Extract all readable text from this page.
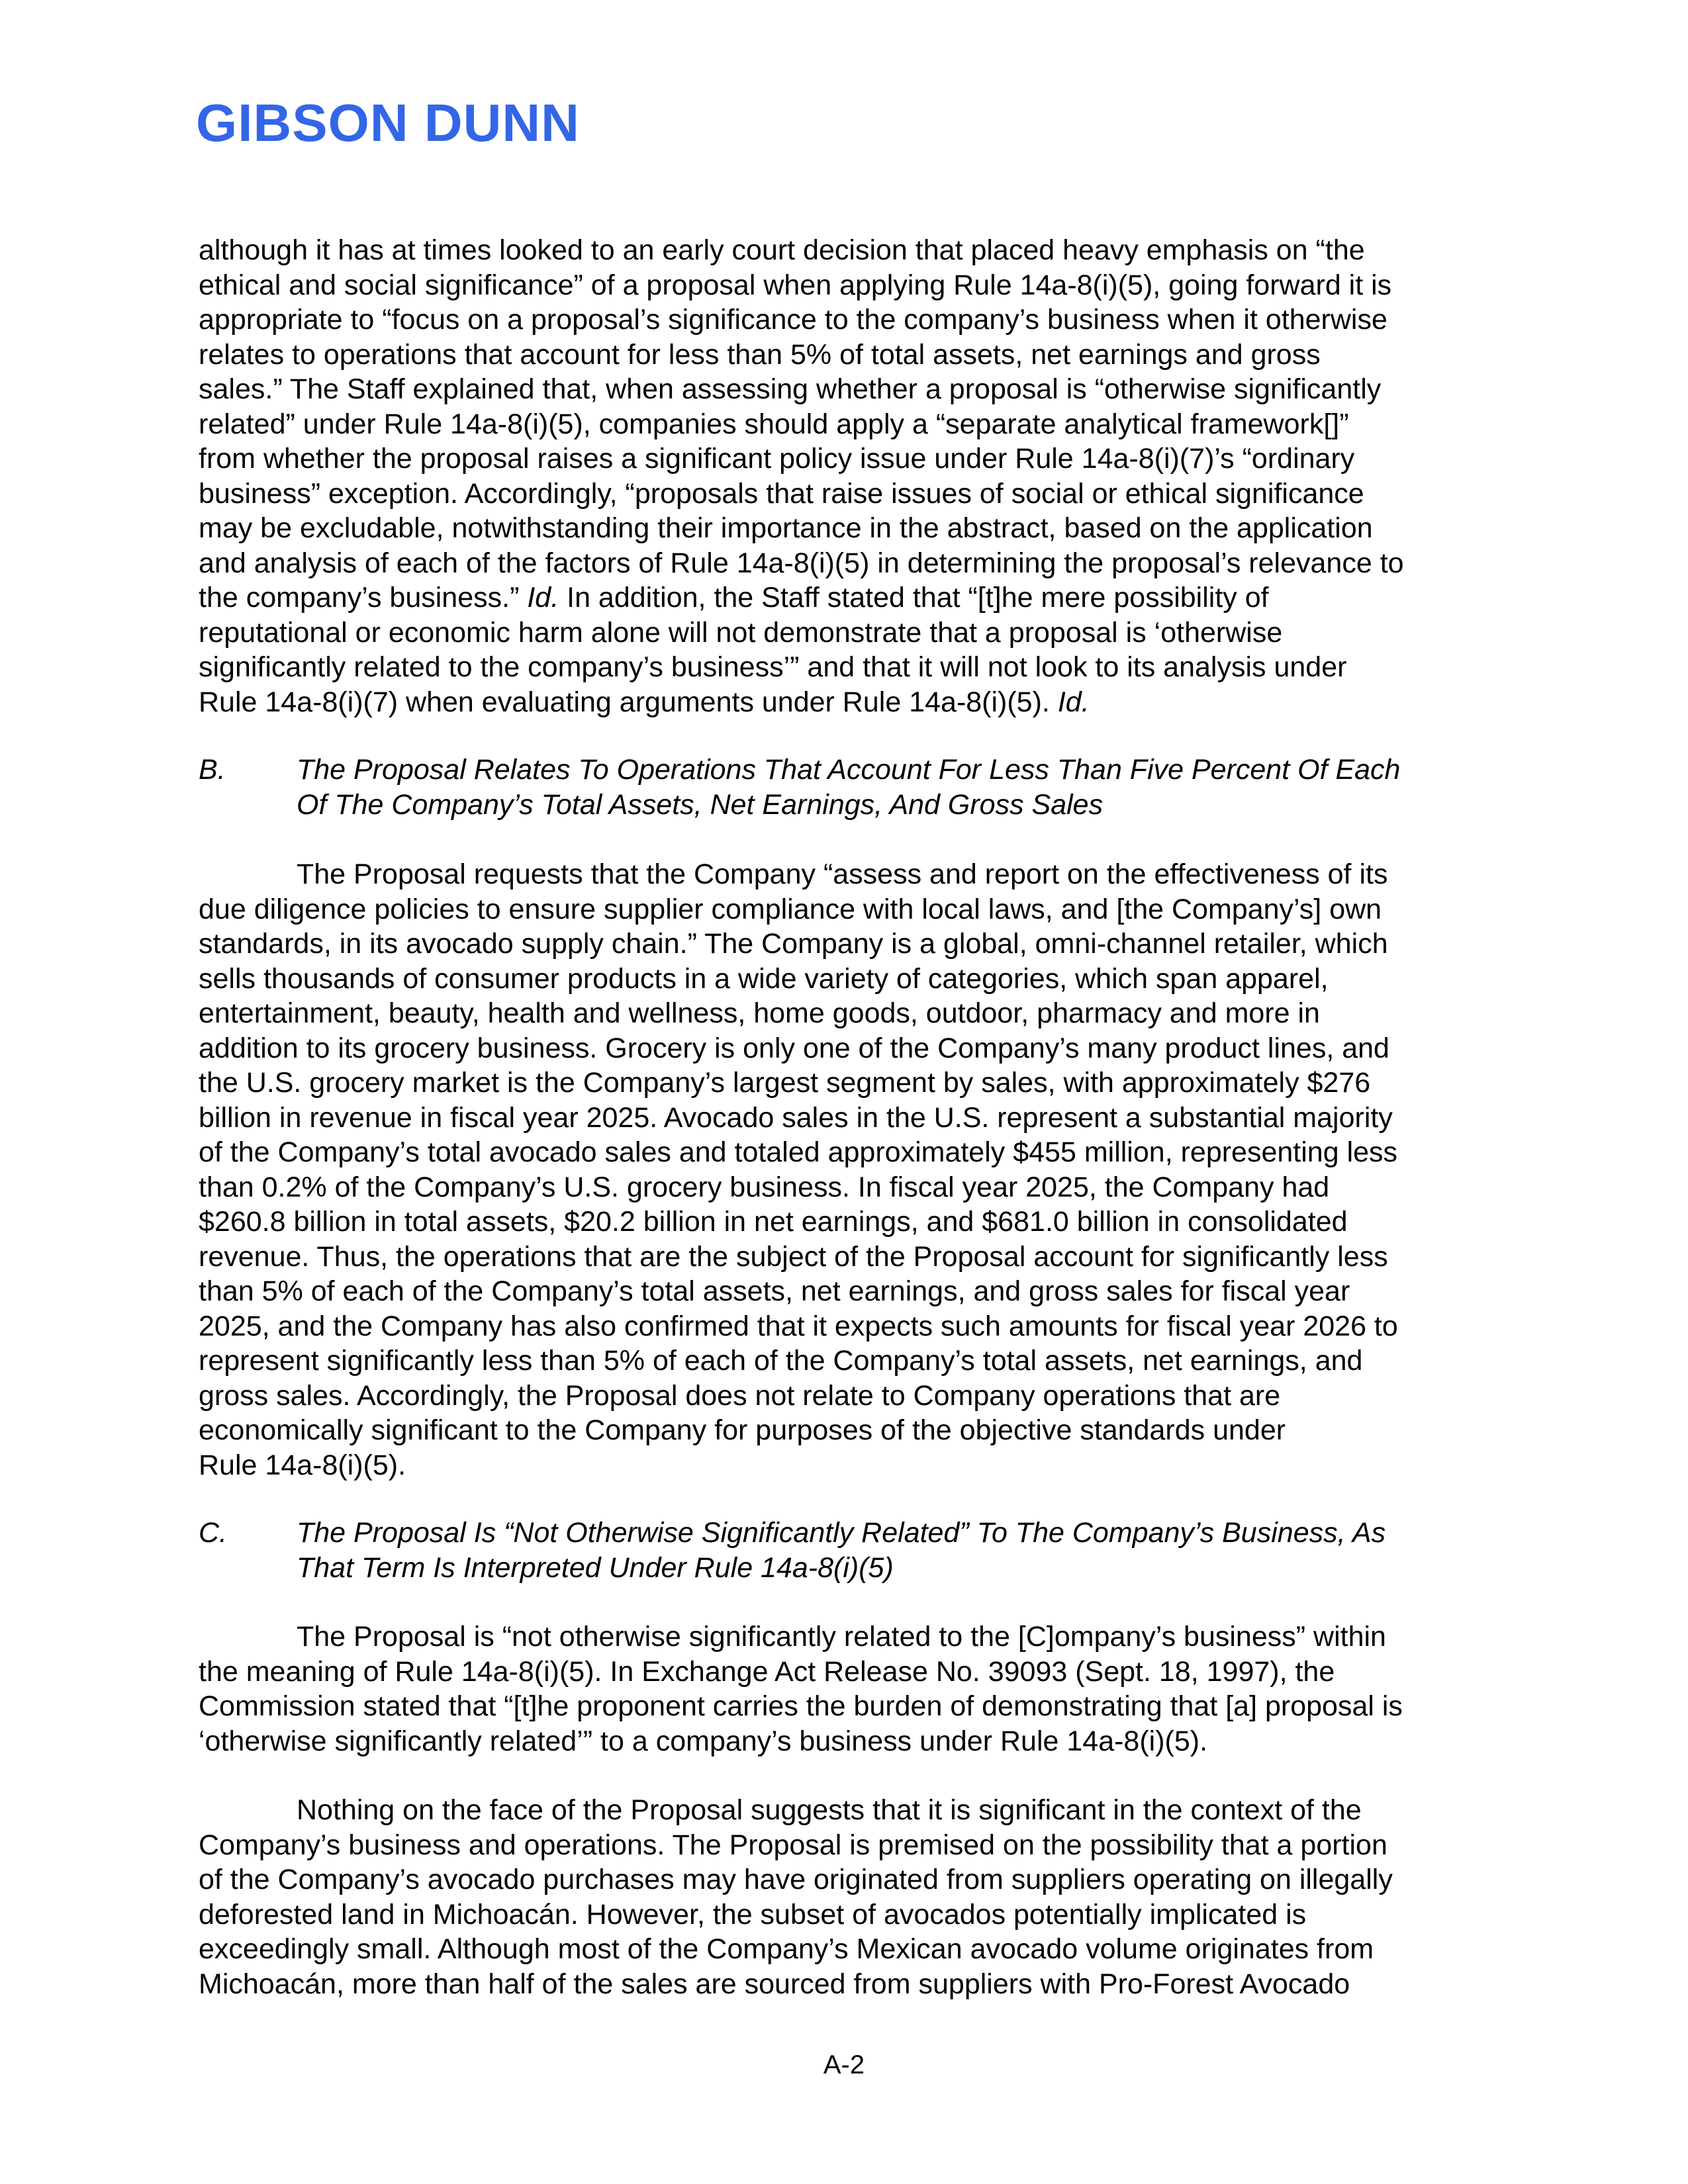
GIBSON DUNN
although it has at times looked to an early court decision that placed heavy emphasis on “the
ethical and social significance” of a proposal when applying Rule 14a-8(i)(5), going forward it is
appropriate to “focus on a proposal’s significance to the company’s business when it otherwise
relates to operations that account for less than 5% of total assets, net earnings and gross
sales.” The Staff explained that, when assessing whether a proposal is “otherwise significantly
related” under Rule 14a-8(i)(5), companies should apply a “separate analytical framework[]”
from whether the proposal raises a significant policy issue under Rule 14a-8(i)(7)’s “ordinary
business” exception. Accordingly, “proposals that raise issues of social or ethical significance
may be excludable, notwithstanding their importance in the abstract, based on the application
and analysis of each of the factors of Rule 14a-8(i)(5) in determining the proposal’s relevance to
the company’s business.” Id. In addition, the Staff stated that “[t]he mere possibility of
reputational or economic harm alone will not demonstrate that a proposal is ‘otherwise
significantly related to the company’s business’” and that it will not look to its analysis under
Rule 14a-8(i)(7) when evaluating arguments under Rule 14a-8(i)(5). Id.
B. The Proposal Relates To Operations That Account For Less Than Five Percent Of Each
Of The Company’s Total Assets, Net Earnings, And Gross Sales
The Proposal requests that the Company “assess and report on the effectiveness of its
due diligence policies to ensure supplier compliance with local laws, and [the Company’s] own
standards, in its avocado supply chain.” The Company is a global, omni-channel retailer, which
sells thousands of consumer products in a wide variety of categories, which span apparel,
entertainment, beauty, health and wellness, home goods, outdoor, pharmacy and more in
addition to its grocery business. Grocery is only one of the Company’s many product lines, and
the U.S. grocery market is the Company’s largest segment by sales, with approximately $276
billion in revenue in fiscal year 2025. Avocado sales in the U.S. represent a substantial majority
of the Company’s total avocado sales and totaled approximately $455 million, representing less
than 0.2% of the Company’s U.S. grocery business. In fiscal year 2025, the Company had
$260.8 billion in total assets, $20.2 billion in net earnings, and $681.0 billion in consolidated
revenue. Thus, the operations that are the subject of the Proposal account for significantly less
than 5% of each of the Company’s total assets, net earnings, and gross sales for fiscal year
2025, and the Company has also confirmed that it expects such amounts for fiscal year 2026 to
represent significantly less than 5% of each of the Company’s total assets, net earnings, and
gross sales. Accordingly, the Proposal does not relate to Company operations that are
economically significant to the Company for purposes of the objective standards under
Rule 14a-8(i)(5).
C. The Proposal Is “Not Otherwise Significantly Related” To The Company’s Business, As
That Term Is Interpreted Under Rule 14a-8(i)(5)
The Proposal is “not otherwise significantly related to the [C]ompany’s business” within
the meaning of Rule 14a-8(i)(5). In Exchange Act Release No. 39093 (Sept. 18, 1997), the
Commission stated that “[t]he proponent carries the burden of demonstrating that [a] proposal is
‘otherwise significantly related’” to a company’s business under Rule 14a-8(i)(5).
Nothing on the face of the Proposal suggests that it is significant in the context of the
Company’s business and operations. The Proposal is premised on the possibility that a portion
of the Company’s avocado purchases may have originated from suppliers operating on illegally
deforested land in Michoacán. However, the subset of avocados potentially implicated is
exceedingly small. Although most of the Company’s Mexican avocado volume originates from
Michoacán, more than half of the sales are sourced from suppliers with Pro-Forest Avocado
A-2
